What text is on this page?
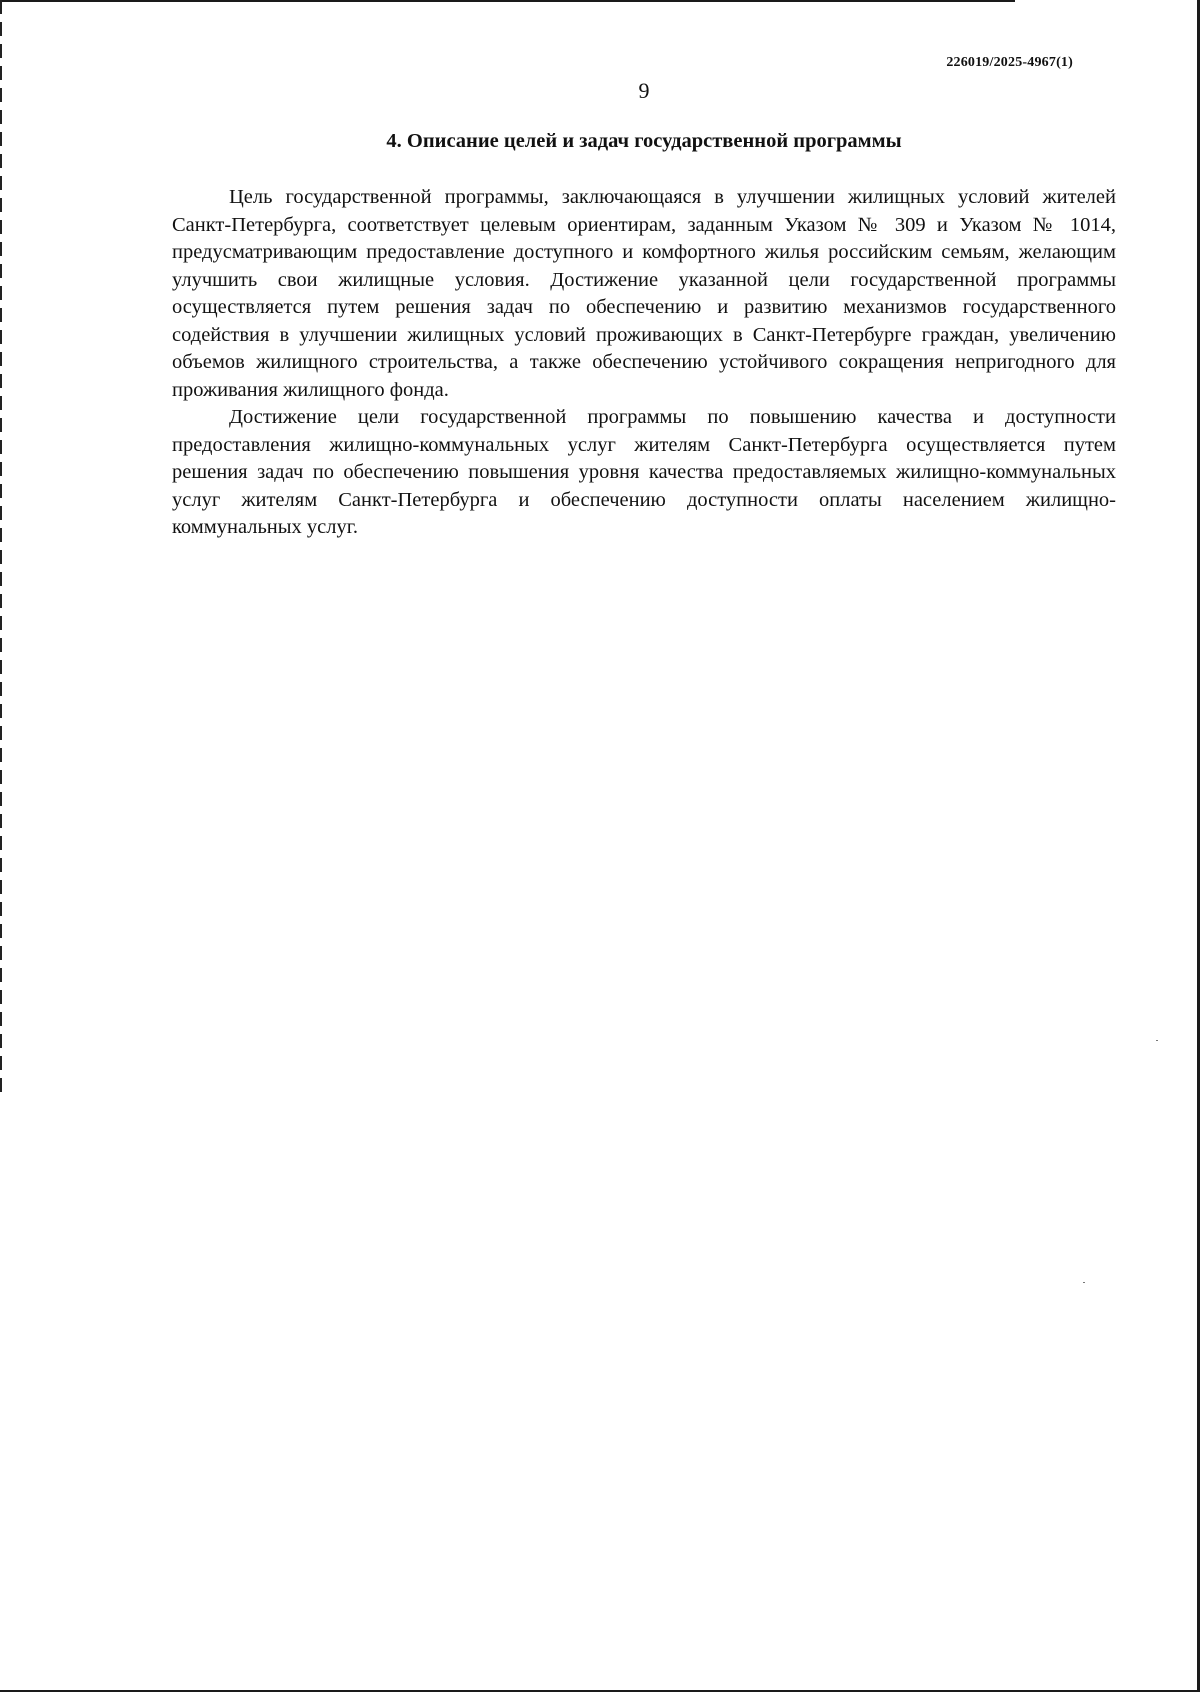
226019/2025-4967(1)
9
4. Описание целей и задач государственной программы

Цель государственной программы, заключающаяся в улучшении жилищных условий жителей Санкт-Петербурга, соответствует целевым ориентирам, заданным Указом № 309 и Указом № 1014, предусматривающим предоставление доступного и комфортного жилья российским семьям, желающим улучшить свои жилищные условия. Достижение указанной цели государственной программы осуществляется путем решения задач по обеспечению и развитию механизмов государственного содействия в улучшении жилищных условий проживающих в Санкт-Петербурге граждан, увеличению объемов жилищного строительства, а также обеспечению устойчивого сокращения непригодного для проживания жилищного фонда.

Достижение цели государственной программы по повышению качества и доступности предоставления жилищно-коммунальных услуг жителям Санкт-Петербурга осуществляется путем решения задач по обеспечению повышения уровня качества предоставляемых жилищно-коммунальных услуг жителям Санкт-Петербурга и обеспечению доступности оплаты населением жилищно-коммунальных услуг.
